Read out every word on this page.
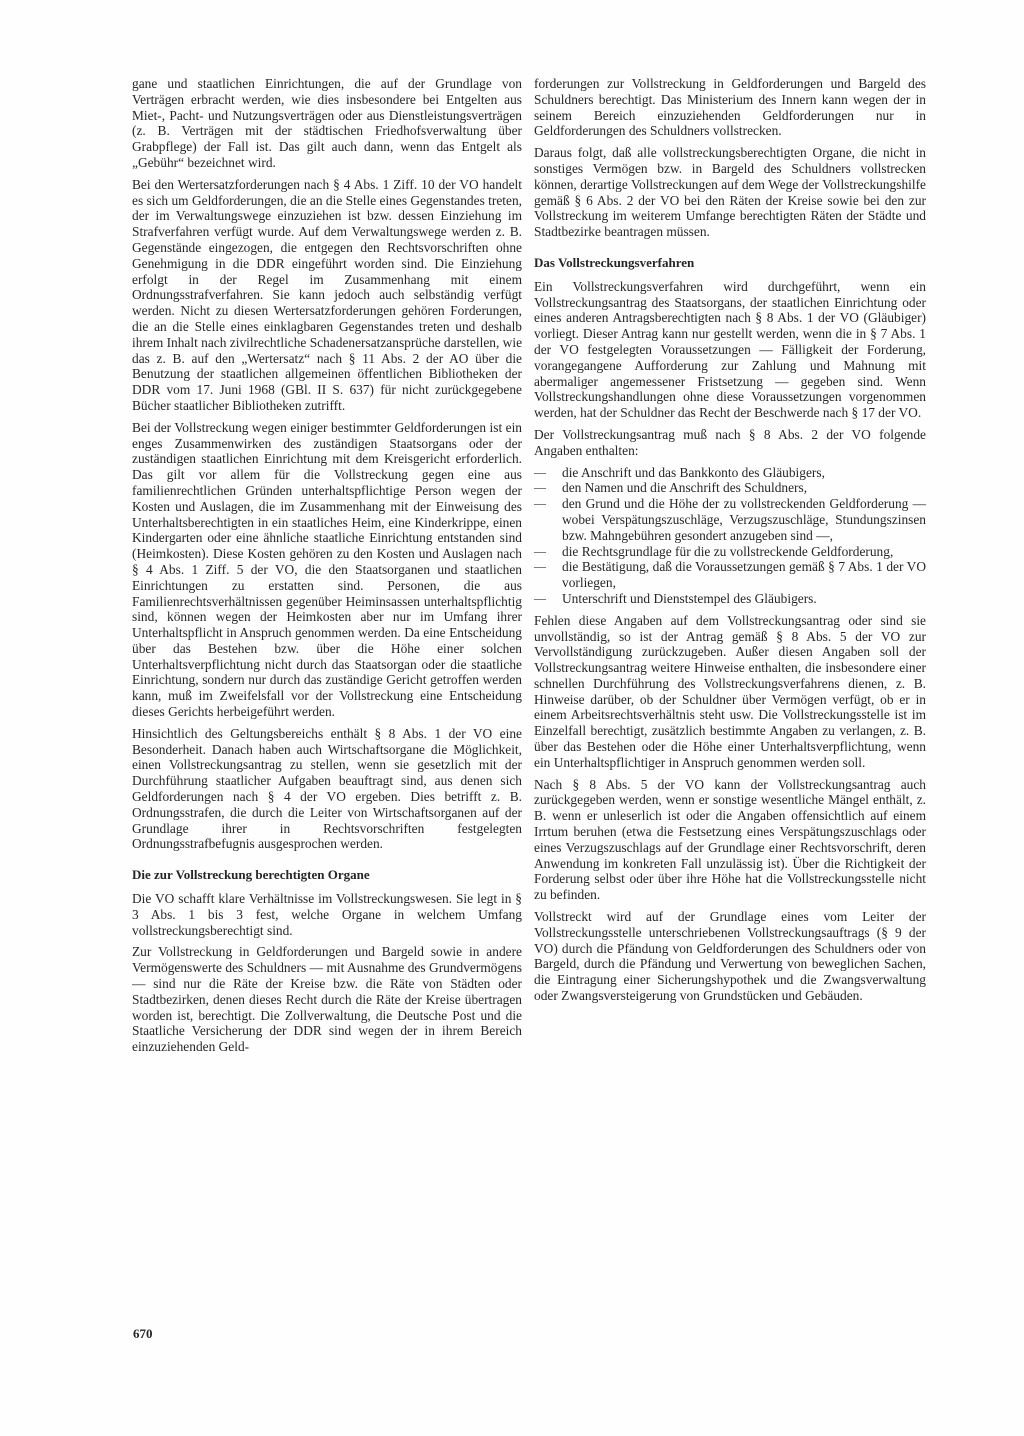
gane und staatlichen Einrichtungen, die auf der Grundlage von Verträgen erbracht werden, wie dies insbesondere bei Entgelten aus Miet-, Pacht- und Nutzungsverträgen oder aus Dienstleistungsverträgen (z. B. Verträgen mit der städtischen Friedhofsverwaltung über Grabpflege) der Fall ist. Das gilt auch dann, wenn das Entgelt als „Gebühr“ bezeichnet wird.

Bei den Wertersatzforderungen nach § 4 Abs. 1 Ziff. 10 der VO handelt es sich um Geldforderungen, die an die Stelle eines Gegenstandes treten, der im Verwaltungswege einzuziehen ist bzw. dessen Einziehung im Strafverfahren verfügt wurde. Auf dem Verwaltungswege werden z. B. Gegenstände eingezogen, die entgegen den Rechtsvorschriften ohne Genehmigung in die DDR eingeführt worden sind. Die Einziehung erfolgt in der Regel im Zusammenhang mit einem Ordnungsstrafverfahren. Sie kann jedoch auch selbständig verfügt werden. Nicht zu diesen Wertersatzforderungen gehören Forderungen, die an die Stelle eines einklagbaren Gegenstandes treten und deshalb ihrem Inhalt nach zivilrechtliche Schadenersatzansprüche darstellen, wie das z. B. auf den „Wertersatz“ nach § 11 Abs. 2 der AO über die Benutzung der staatlichen allgemeinen öffentlichen Bibliotheken der DDR vom 17. Juni 1968 (GBl. II S. 637) für nicht zurückgegebene Bücher staatlicher Bibliotheken zutrifft.

Bei der Vollstreckung wegen einiger bestimmter Geldforderungen ist ein enges Zusammenwirken des zuständigen Staatsorgans oder der zuständigen staatlichen Einrichtung mit dem Kreisgericht erforderlich. Das gilt vor allem für die Vollstreckung gegen eine aus familienrechtlichen Gründen unterhaltspflichtige Person wegen der Kosten und Auslagen, die im Zusammenhang mit der Einweisung des Unterhaltsberechtigten in ein staatliches Heim, eine Kinderkrippe, einen Kindergarten oder eine ähnliche staatliche Einrichtung entstanden sind (Heimkosten). Diese Kosten gehören zu den Kosten und Auslagen nach § 4 Abs. 1 Ziff. 5 der VO, die den Staatsorganen und staatlichen Einrichtungen zu erstatten sind. Personen, die aus Familienrechtsverhältnissen gegenüber Heiminsassen unterhaltspflichtig sind, können wegen der Heimkosten aber nur im Umfang ihrer Unterhaltspflicht in Anspruch genommen werden. Da eine Entscheidung über das Bestehen bzw. über die Höhe einer solchen Unterhaltsverpflichtung nicht durch das Staatsorgan oder die staatliche Einrichtung, sondern nur durch das zuständige Gericht getroffen werden kann, muß im Zweifelsfall vor der Vollstreckung eine Entscheidung dieses Gerichts herbeigeführt werden.

Hinsichtlich des Geltungsbereichs enthält § 8 Abs. 1 der VO eine Besonderheit. Danach haben auch Wirtschaftsorgane die Möglichkeit, einen Vollstreckungsantrag zu stellen, wenn sie gesetzlich mit der Durchführung staatlicher Aufgaben beauftragt sind, aus denen sich Geldforderungen nach § 4 der VO ergeben. Dies betrifft z. B. Ordnungsstrafen, die durch die Leiter von Wirtschaftsorganen auf der Grundlage ihrer in Rechtsvorschriften festgelegten Ordnungsstrafbefugnis ausgesprochen werden.

Die zur Vollstreckung berechtigten Organe

Die VO schafft klare Verhältnisse im Vollstreckungswesen. Sie legt in § 3 Abs. 1 bis 3 fest, welche Organe in welchem Umfang vollstreckungsberechtigt sind.

Zur Vollstreckung in Geldforderungen und Bargeld sowie in andere Vermögenswerte des Schuldners — mit Ausnahme des Grundvermögens — sind nur die Räte der Kreise bzw. die Räte von Städten oder Stadtbezirken, denen dieses Recht durch die Räte der Kreise übertragen worden ist, berechtigt. Die Zollverwaltung, die Deutsche Post und die Staatliche Versicherung der DDR sind wegen der in ihrem Bereich einzuziehenden Geld-

forderungen zur Vollstreckung in Geldforderungen und Bargeld des Schuldners berechtigt. Das Ministerium des Innern kann wegen der in seinem Bereich einzuziehenden Geldforderungen nur in Geldforderungen des Schuldners vollstrecken.

Daraus folgt, daß alle vollstreckungsberechtigten Organe, die nicht in sonstiges Vermögen bzw. in Bargeld des Schuldners vollstrecken können, derartige Vollstreckungen auf dem Wege der Vollstreckungshilfe gemäß § 6 Abs. 2 der VO bei den Räten der Kreise sowie bei den zur Vollstreckung im weiterem Umfange berechtigten Räten der Städte und Stadtbezirke beantragen müssen.

Das Vollstreckungsverfahren

Ein Vollstreckungsverfahren wird durchgeführt, wenn ein Vollstreckungsantrag des Staatsorgans, der staatlichen Einrichtung oder eines anderen Antragsberechtigten nach § 8 Abs. 1 der VO (Gläubiger) vorliegt. Dieser Antrag kann nur gestellt werden, wenn die in § 7 Abs. 1 der VO festgelegten Voraussetzungen — Fälligkeit der Forderung, vorangegangene Aufforderung zur Zahlung und Mahnung mit abermaliger angemessener Fristsetzung — gegeben sind. Wenn Vollstreckungshandlungen ohne diese Voraussetzungen vorgenommen werden, hat der Schuldner das Recht der Beschwerde nach § 17 der VO.

Der Vollstreckungsantrag muß nach § 8 Abs. 2 der VO folgende Angaben enthalten:

— die Anschrift und das Bankkonto des Gläubigers,
— den Namen und die Anschrift des Schuldners,
— den Grund und die Höhe der zu vollstreckenden Geldforderung — wobei Verspätungszuschläge, Verzugszuschläge, Stundungszinsen bzw. Mahngebühren gesondert anzugeben sind —,
— die Rechtsgrundlage für die zu vollstreckende Geldforderung,
— die Bestätigung, daß die Voraussetzungen gemäß § 7 Abs. 1 der VO vorliegen,
— Unterschrift und Dienststempel des Gläubigers.

Fehlen diese Angaben auf dem Vollstreckungsantrag oder sind sie unvollständig, so ist der Antrag gemäß § 8 Abs. 5 der VO zur Vervollständigung zurückzugeben. Außer diesen Angaben soll der Vollstreckungsantrag weitere Hinweise enthalten, die insbesondere einer schnellen Durchführung des Vollstreckungsverfahrens dienen, z. B. Hinweise darüber, ob der Schuldner über Vermögen verfügt, ob er in einem Arbeitsrechtsverhältnis steht usw. Die Vollstreckungsstelle ist im Einzelfall berechtigt, zusätzlich bestimmte Angaben zu verlangen, z. B. über das Bestehen oder die Höhe einer Unterhaltsverpflichtung, wenn ein Unterhaltspflichtiger in Anspruch genommen werden soll.

Nach § 8 Abs. 5 der VO kann der Vollstreckungsantrag auch zurückgegeben werden, wenn er sonstige wesentliche Mängel enthält, z. B. wenn er unleserlich ist oder die Angaben offensichtlich auf einem Irrtum beruhen (etwa die Festsetzung eines Verspätungszuschlags oder eines Verzugszuschlags auf der Grundlage einer Rechtsvorschrift, deren Anwendung im konkreten Fall unzulässig ist). Über die Richtigkeit der Forderung selbst oder über ihre Höhe hat die Vollstreckungsstelle nicht zu befinden.

Vollstreckt wird auf der Grundlage eines vom Leiter der Vollstreckungsstelle unterschriebenen Vollstreckungsauftrags (§ 9 der VO) durch die Pfändung von Geldforderungen des Schuldners oder von Bargeld, durch die Pfändung und Verwertung von beweglichen Sachen, die Eintragung einer Sicherungshypothek und die Zwangsverwaltung oder Zwangsversteigerung von Grundstücken und Gebäuden.

670
